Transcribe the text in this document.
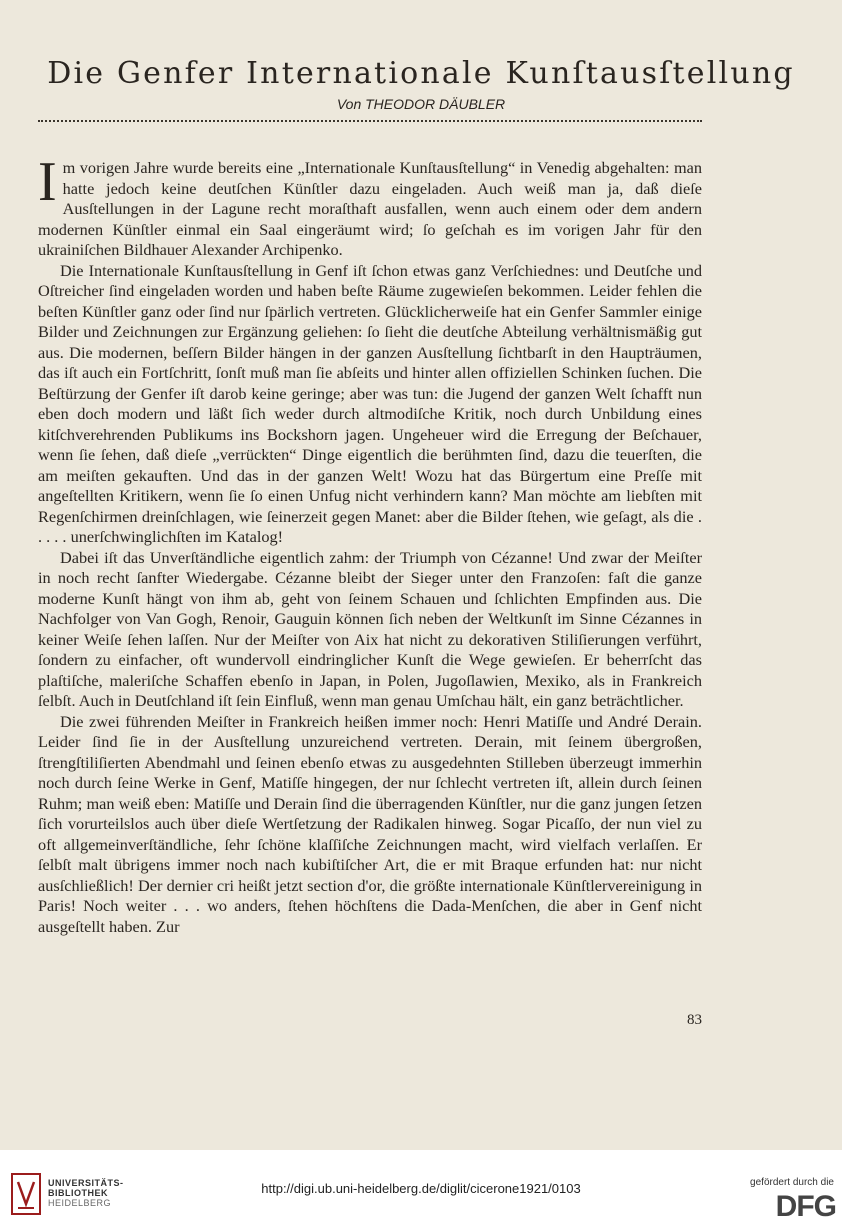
Die Genfer Internationale Kunſtausſtellung
Von THEODOR DÄUBLER

Im vorigen Jahre wurde bereits eine „Internationale Kunſtausſtellung“ in Venedig abgehalten: man hatte jedoch keine deutſchen Künſtler dazu eingeladen. Auch weiß man ja, daß dieſe Ausſtellungen in der Lagune recht moraſthaft ausfallen, wenn auch einem oder dem andern modernen Künſtler einmal ein Saal eingeräumt wird; ſo geſchah es im vorigen Jahr für den ukrainiſchen Bildhauer Alexander Archipenko.

Die Internationale Kunſtausſtellung in Genf iſt ſchon etwas ganz Verſchiednes: und Deutſche und Oſtreicher ſind eingeladen worden und haben beſte Räume zugewieſen bekommen. Leider fehlen die beſten Künſtler ganz oder ſind nur ſpärlich vertreten. Glücklicherweiſe hat ein Genfer Sammler einige Bilder und Zeichnungen zur Ergänzung geliehen: ſo ſieht die deutſche Abteilung verhältnismäßig gut aus. Die modernen, beſſern Bilder hängen in der ganzen Ausſtellung ſichtbarſt in den Haupträumen, das iſt auch ein Fortſchritt, ſonſt muß man ſie abſeits und hinter allen offiziellen Schinken ſuchen. Die Beſtürzung der Genfer iſt darob keine geringe; aber was tun: die Jugend der ganzen Welt ſchafft nun eben doch modern und läßt ſich weder durch altmodiſche Kritik, noch durch Unbildung eines kitſchverehrenden Publikums ins Bockshorn jagen. Ungeheuer wird die Erregung der Beſchauer, wenn ſie ſehen, daß dieſe „verrückten“ Dinge eigentlich die berühmten ſind, dazu die teuerſten, die am meiſten gekauften. Und das in der ganzen Welt! Wozu hat das Bürgertum eine Preſſe mit angeſtellten Kritikern, wenn ſie ſo einen Unfug nicht verhindern kann? Man möchte am liebſten mit Regenſchirmen dreinſchlagen, wie ſeinerzeit gegen Manet: aber die Bilder ſtehen, wie geſagt, als die . . . . . unerſchwinglichſten im Katalog!

Dabei iſt das Unverſtändliche eigentlich zahm: der Triumph von Cézanne! Und zwar der Meiſter in noch recht ſanfter Wiedergabe. Cézanne bleibt der Sieger unter den Franzoſen: faſt die ganze moderne Kunſt hängt von ihm ab, geht von ſeinem Schauen und ſchlichten Empfinden aus. Die Nachfolger von Van Gogh, Renoir, Gauguin können ſich neben der Weltkunſt im Sinne Cézannes in keiner Weiſe ſehen laſſen. Nur der Meiſter von Aix hat nicht zu dekorativen Stiliſierungen verführt, ſondern zu einfacher, oft wundervoll eindringlicher Kunſt die Wege gewieſen. Er beherrſcht das plaſtiſche, maleriſche Schaffen ebenſo in Japan, in Polen, Jugoſlawien, Mexiko, als in Frankreich ſelbſt. Auch in Deutſchland iſt ſein Einfluß, wenn man genau Umſchau hält, ein ganz beträchtlicher.

Die zwei führenden Meiſter in Frankreich heißen immer noch: Henri Matiſſe und André Derain. Leider ſind ſie in der Ausſtellung unzureichend vertreten. Derain, mit ſeinem übergroßen, ſtrengſtiliſierten Abendmahl und ſeinen ebenſo etwas zu ausgedehnten Stilleben überzeugt immerhin noch durch ſeine Werke in Genf, Matiſſe hingegen, der nur ſchlecht vertreten iſt, allein durch ſeinen Ruhm; man weiß eben: Matiſſe und Derain ſind die überragenden Künſtler, nur die ganz jungen ſetzen ſich vorurteilslos auch über dieſe Wertſetzung der Radikalen hinweg. Sogar Picaſſo, der nun viel zu oft allgemeinverſtändliche, ſehr ſchöne klaſſiſche Zeichnungen macht, wird vielfach verlaſſen. Er ſelbſt malt übrigens immer noch nach kubiſtiſcher Art, die er mit Braque erfunden hat: nur nicht ausſchließlich! Der dernier cri heißt jetzt section d'or, die größte internationale Künſtlervereinigung in Paris! Noch weiter . . . wo anders, ſtehen höchſtens die Dada-Menſchen, die aber in Genf nicht ausgeſtellt haben. Zur

83
UNIVERSITÄTS-
BIBLIOTHEK
HEIDELBERG
http://digi.ub.uni-heidelberg.de/diglit/cicerone1921/0103	gefördert durch die
DFG
